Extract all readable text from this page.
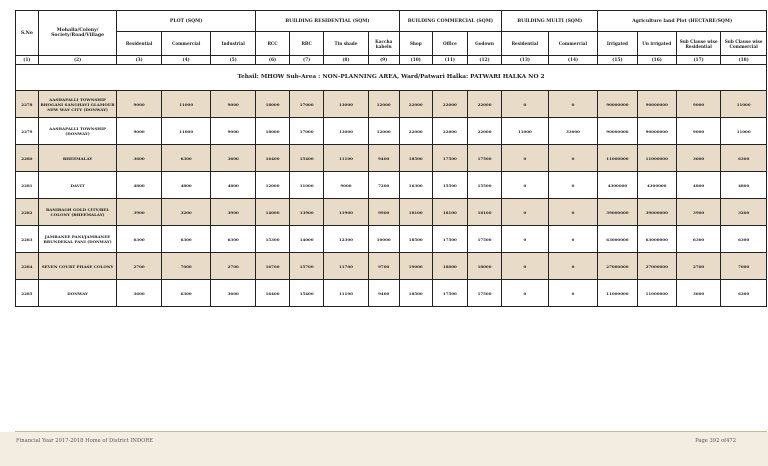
S.No	Mohalla/Colony/ Society/Road/Village	PLOT (SQM)			BUILDING RESIDENTIAL (SQM)				BUILDING COMMERCIAL (SQM)			BUILDING MULTI (SQM)		Agriculture land Plot (HECTARE/SQM)			
		Residential	Commercial	Industrial	RCC	RBC	Tin shade	Kaccha kabelu	Shop	Office	Godown	Residential	Commercial	Irrigated	Un irrigated	Sub Clause wise Residential	Sub Clause wise Commercial
(1)	(2)	(3)	(4)	(5)	(6)	(7)	(8)	(9)	(10)	(11)	(12)	(13)	(14)	(15)	(16)	(17)	(18)
Tehsil: MHOW Sub-Area : NON-PLANNING AREA, Ward/Patwari Halka: PATWARI HALKA NO 2																	
2278	AASHAPALLI TOWNSHIP BHOGANI SANGHAVI GLAMOUR NEW WAY CITY (DONWAY)	9000	11000	9000	18000	17000	13000	12000	22000	22000	22000	0	0	90000000	90000000	9000	11000
2279	AASHAPALLI TOWNSHIP (DONWAY)	9000	11000	9000	18000	17000	13000	12000	22000	22000	22000	11000	33000	90000000	90000000	9000	11000
2280	BHEEMALAY	3600	6300	3600	16400	15400	11100	9400	18500	17500	17500	0	0	11000000	11000000	3600	6300
2281	DAVIT	4800	4800	4800	12000	11000	9000	7200	16300	15500	15500	0	0	4300000	4300000	4800	4800
2282	RANIBAGH GOLD CITY/BEL COLONY (BHEEMALAY)	3900	3200	3900	14000	13900	11900	9900	18100	18100	18100	0	0	39000000	39000000	3900	3200
2283	JAMBANEE PANI/JAMBANEE BRUNDEKAL PANI (DONWAY)	6300	6300	6300	15300	14000	12300	10000	18500	17500	17500	0	0	63000000	63000000	6300	6300
2284	SEVEN COURT PHASE COLONY	2700	7000	2700	16700	15700	11700	9700	19000	18000	18000	0	0	27000000	27000000	2700	7000
2285	DONWAY	3600	6300	3600	16400	15400	11100	9400	18500	17500	17500	0	0	11000000	11000000	3600	6300
Financial Year 2017-2018 Home of District INDORE	Page 392 of472
